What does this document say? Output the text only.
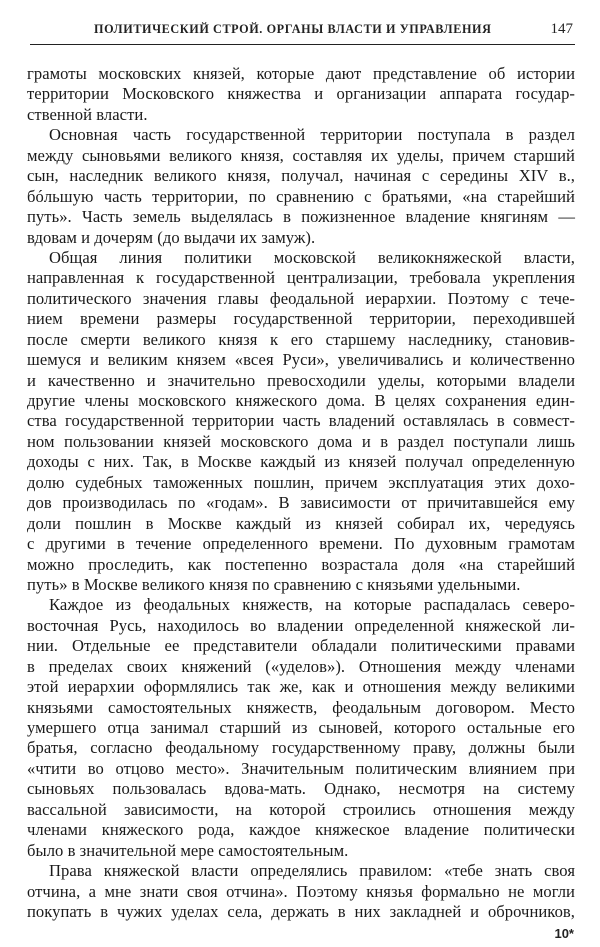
ПОЛИТИЧЕСКИЙ СТРОЙ. ОРГАНЫ ВЛАСТИ И УПРАВЛЕНИЯ	147
грамоты московских князей, которые дают представление об истории
территории Московского княжества и организации аппарата государ-
ственной власти.
Основная часть государственной территории поступала в раздел
между сыновьями великого князя, составляя их уделы, причем старший
сын, наследник великого князя, получал, начиная с середины XIV в.,
бóльшую часть территории, по сравнению с братьями, «на старейший
путь». Часть земель выделялась в пожизненное владение княгиням —
вдовам и дочерям (до выдачи их замуж).
Общая линия политики московской великокняжеской власти,
направленная к государственной централизации, требовала укрепления
политического значения главы феодальной иерархии. Поэтому с тече-
нием времени размеры государственной территории, переходившей
после смерти великого князя к его старшему наследнику, становив-
шемуся и великим князем «всея Руси», увеличивались и количественно
и качественно и значительно превосходили уделы, которыми владели
другие члены московского княжеского дома. В целях сохранения един-
ства государственной территории часть владений оставлялась в совмест-
ном пользовании князей московского дома и в раздел поступали лишь
доходы с них. Так, в Москве каждый из князей получал определенную
долю судебных таможенных пошлин, причем эксплуатация этих дохо-
дов производилась по «годам». В зависимости от причитавшейся ему
доли пошлин в Москве каждый из князей собирал их, чередуясь
с другими в течение определенного времени. По духовным грамотам
можно проследить, как постепенно возрастала доля «на старейший
путь» в Москве великого князя по сравнению с князьями удельными.
Каждое из феодальных княжеств, на которые распадалась северо-
восточная Русь, находилось во владении определенной княжеской ли-
нии. Отдельные ее представители обладали политическими правами
в пределах своих княжений («уделов»). Отношения между членами
этой иерархии оформлялись так же, как и отношения между великими
князьями самостоятельных княжеств, феодальным договором. Место
умершего отца занимал старший из сыновей, которого остальные его
братья, согласно феодальному государственному праву, должны были
«чтити во отцово место». Значительным политическим влиянием при
сыновьях пользовалась вдова-мать. Однако, несмотря на систему
вассальной зависимости, на которой строились отношения между
членами княжеского рода, каждое княжеское владение политически
было в значительной мере самостоятельным.
Права княжеской власти определялись правилом: «тебе знать своя
отчина, а мне знати своя отчина». Поэтому князья формально не могли
покупать в чужих уделах села, держать в них закладней и оброчников,
10*
